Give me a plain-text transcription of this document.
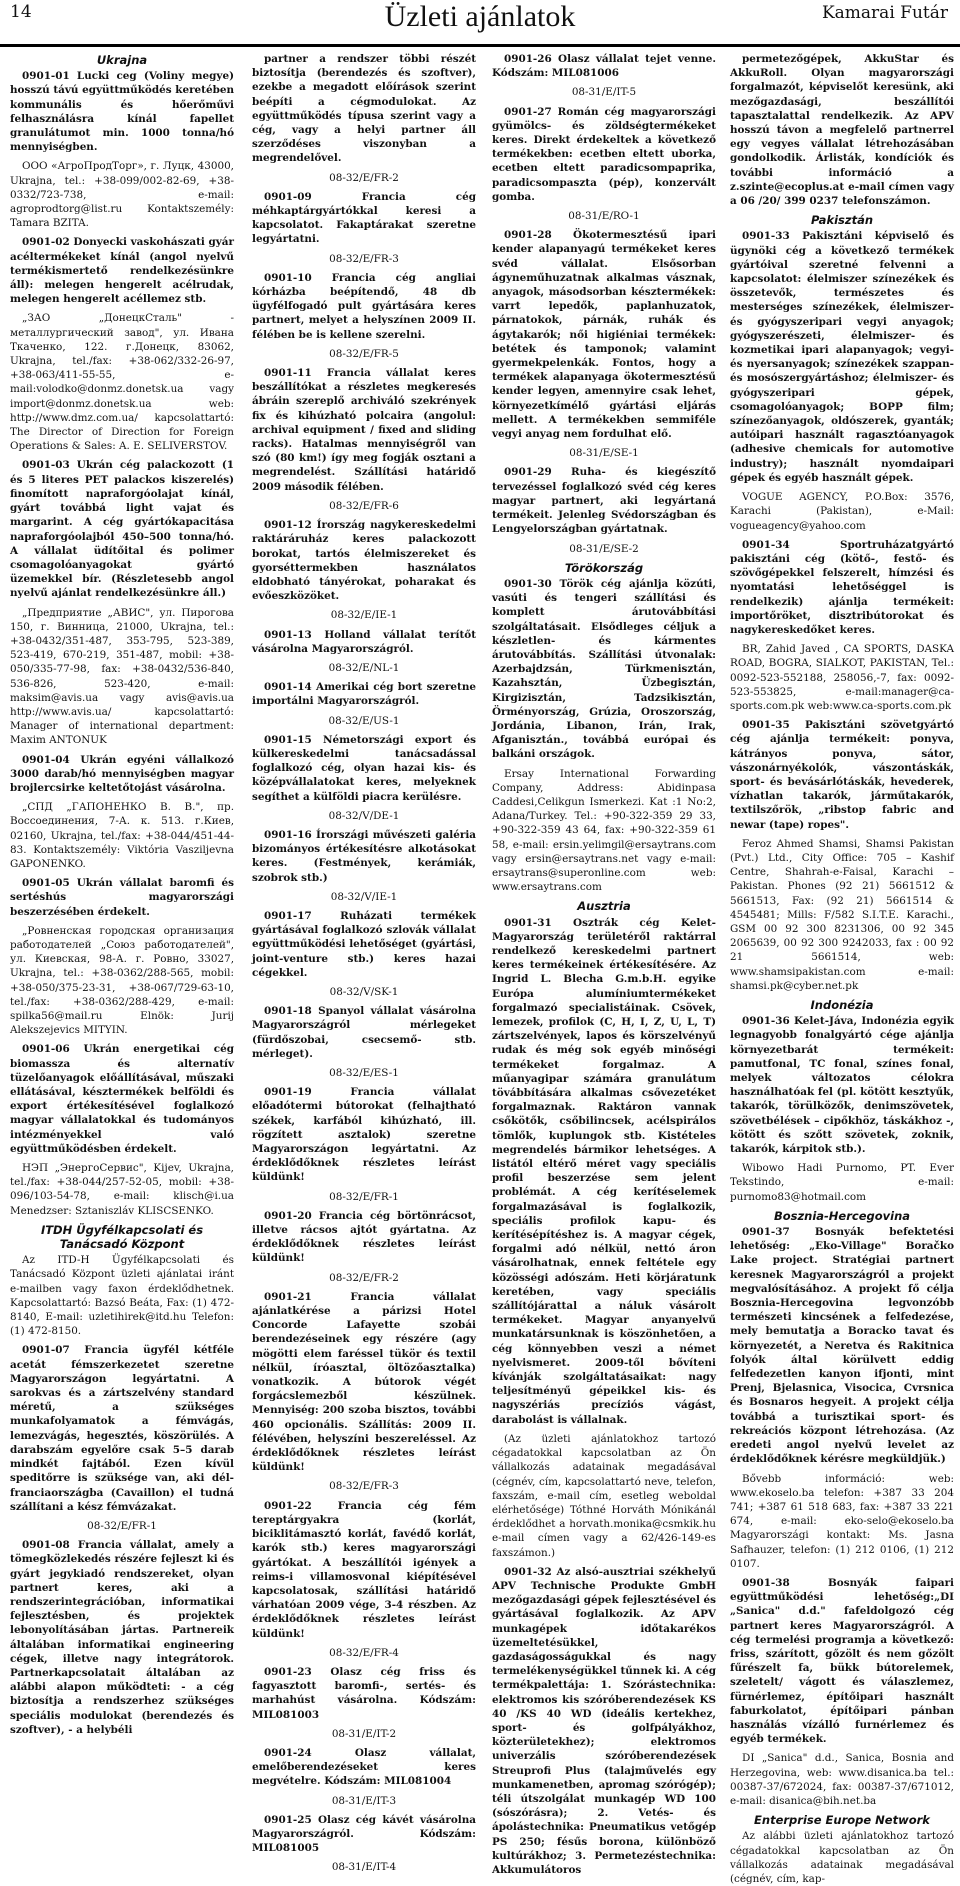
14	Üzleti ajánlatok	Kamarai Futár
Ukrajna
0901-01 Lucki ceg (Voliny megye) hosszú távú együttműködés keretében kommunális és hőerőművi felhasználásra kínál fapellet granulátumot min. 1000 tonna/hó mennyiségben.
ООО «АгроПродТорг», г. Луцк, 43000, Ukrajna, tel.: +38-099/002-82-69, +38-0332/723-738, e-mail: agroprodtorg@list.ru Kontaktszemély: Tamara BZITA.
0901-02 Donyecki vaskohászati gyár acéltermékeket kínál (angol nyelvű termékismertető rendelkezésünkre áll): melegen hengerelt acélrudak, melegen hengerelt acéllemez stb.
„ЗАО „ДонецкСталь" - металлургический завод", ул. Ивана Ткаченко, 122. г.Донецк, 83062, Ukrajna, tel./fax: +38-062/332-26-97, +38-063/411-55-55, e-mail:volodko@donmz.donetsk.ua vagy import@donmz.donetsk.ua web: http://www.dmz.com.ua/ kapcsolattartó: The Director of Direction for Foreign Operations & Sales: A. E. SELIVERSTOV.
0901-03 Ukrán cég palackozott (1 és 5 literes PET palackos kiszerelés) finomított napraforgóolajat kínál, gyárt továbbá light vajat és margarint. A cég gyártókapacitása napraforgóolajból 450–500 tonna/hó. A vállalat üdítőital és polimer csomagolóanyagokat gyártó üzemekkel bír. (Részletesebb angol nyelvű ajánlat rendelkezésünkre áll.)
„Предприятие „АВИС", ул. Пирогова 150, г. Винница, 21000, Ukrajna, tel.: +38-0432/351-487, 353-795, 523-389, 523-419, 670-219, 351-487, mobil: +38-050/335-77-98, fax: +38-0432/536-840, 536-826, 523-420, e-mail: maksim@avis.ua vagy avis@avis.ua http://www.avis.ua/ kapcsolattartó: Manager of international department: Maxim ANTONUK
0901-04 Ukrán egyéni vállalkozó 3000 darab/hó mennyiségben magyar brojlercsirke keltetőtojást vásárolna.
„СПД „ГАПОНЕНКО В. В.", пр. Воссоединения, 7-А. к. 513. г.Киев, 02160, Ukrajna, tel./fax: +38-044/451-44-83. Kontaktszemély: Viktória Vasziljevna GAPONENKO.
0901-05 Ukrán vállalat baromfi és sertéshús magyarországi beszerzésében érdekelt.
„Ровненская городская организация работодателей „Союз работодателей", ул. Киевская, 98-А. г. Ровно, 33027, Ukrajna, tel.: +38-0362/288-565, mobil: +38-050/375-23-31, +38-067/729-63-10, tel./fax: +38-0362/288-429, e-mail: spilka56@mail.ru Elnök: Jurij Alekszejevics MITYIN.
0901-06 Ukrán energetikai cég biomassza és alternatív tüzelőanyagok előállításával, műszaki ellátásával, késztermékek belföldi és export értékesítésével foglalkozó magyar vállalatokkal és tudományos intézményekkel való együttműködésben érdekelt.
НЭП „ЭнергоСервис", Kijev, Ukrajna, tel./fax: +38-044/257-52-05, mobil: +38-096/103-54-78, e-mail: klisch@i.ua Menedzser: Sztaniszláv KLISCSENKO.
ITDH Ügyfélkapcsolati és Tanácsadó Központ
Az ITD-H Ügyfélkapcsolati és Tanácsadó Központ üzleti ajánlatai iránt e-mailben vagy faxon érdeklődhetnek. Kapcsolattartó: Bazsó Beáta, Fax: (1) 472-8140, E-mail: uzletihirek@itd.hu Telefon: (1) 472-8150.
0901-07 Francia ügyfél kétféle acetát fémszerkezetet szeretne Magyarországon legyártatni. A sarokvas és a zártszelvény standard méretű, a szükséges munkafolyamatok a fémvágás, lemezvágás, hegesztés, köszörülés. A darabszám egyelőre csak 5–5 darab mindkét fajtából. Ezen kívül speditőrre is szüksége van, aki dél-franciaországba (Cavaillon) el tudná szállítani a kész fémvázakat.
08-32/E/FR-1
0901-08 Francia vállalat, amely a tömegközlekedés részére fejleszt ki és gyárt jegykiadó rendszereket, olyan partnert keres, aki a rendszerintegrációban, informatikai fejlesztésben, és projektek lebonyolításában jártas. Partnereik általában informatikai engineering cégek, illetve nagy integrátorok. Partnerkapcsolatait általában az alábbi alapon működteti: - a cég biztosítja a rendszerhez szükséges speciális modulokat (berendezés és szoftver), - a helybéli
partner a rendszer többi részét biztosítja (berendezés és szoftver), ezekbe a megadott előírások szerint beépíti a cégmodulokat. Az együttműködés típusa szerint vagy a cég, vagy a helyi partner áll szerződéses viszonyban a megrendelővel.
08-32/E/FR-2
0901-09 Francia cég méhkaptárgyártókkal keresi a kapcsolatot. Fakaptárakat szeretne legyártatni.
08-32/E/FR-3
0901-10 Francia cég angliai kórházba beépítendő, 48 db ügyfélfogadó pult gyártására keres partnert, melyet a helyszínen 2009 II. félében be is kellene szerelni.
08-32/E/FR-5
0901-11 Francia vállalat keres beszállítókat a részletes megkeresés ábráin szereplő archiváló szekrények fix és kihúzható polcaira (angolul: archival equipment / fixed and sliding racks). Hatalmas mennyiségről van szó (80 km!) így meg fogják osztani a megrendelést. Szállítási határidő 2009 második félében.
08-32/E/FR-6
0901-12 Írország nagykereskedelmi raktáráruház keres palackozott borokat, tartós élelmiszereket és gyorséttermekben használatos eldobható tányérokat, poharakat és evőeszközöket.
08-32/E/IE-1
0901-13 Holland vállalat terítőt vásárolna Magyarországról.
08-32/E/NL-1
0901-14 Amerikai cég bort szeretne importálni Magyarországról.
08-32/E/US-1
0901-15 Németországi export és külkereskedelmi tanácsadással foglalkozó cég, olyan hazai kis- és középvállalatokat keres, melyeknek segíthet a külföldi piacra kerülésre.
08-32/V/DE-1
0901-16 Írországi művészeti galéria bizományos értékesítésre alkotásokat keres. (Festmények, kerámiák, szobrok stb.)
08-32/V/IE-1
0901-17 Ruházati termékek gyártásával foglalkozó szlovák vállalat együttműködési lehetőséget (gyártási, joint-venture stb.) keres hazai cégekkel.
08-32/V/SK-1
0901-18 Spanyol vállalat vásárolna Magyarországról mérlegeket (fürdőszobai, csecsemő- stb. mérleget).
08-32/E/ES-1
0901-19 Francia vállalat előadótermi bútorokat (felhajtható székek, karfából kihúzható, ill. rögzített asztalok) szeretne Magyarországon legyártatni. Az érdeklődőknek részletes leírást küldünk!
08-32/E/FR-1
0901-20 Francia cég börtönrácsot, illetve rácsos ajtót gyártatna. Az érdeklődőknek részletes leírást küldünk!
08-32/E/FR-2
0901-21 Francia vállalat ajánlatkérése a párizsi Hotel Concorde Lafayette szobái berendezéseinek egy részére (agy mögötti elem faréssel tükör és textil nélkül, íróasztal, öltözőasztalka) vonatkozik. A bútorok végét forgácslemezből készülnek. Mennyiség: 200 szoba bisztos, további 460 opcionális. Szállítás: 2009 II. félévében, helyszíni beszereléssel. Az érdeklődőknek részletes leírást küldünk!
08-32/E/FR-3
0901-22 Francia cég fém tereptárgyakra (korlát, biciklitámasztó korlát, favédő korlát, karók stb.) keres magyarországi gyártókat. A beszállítói igények a reims-i villamosvonal kiépítésével kapcsolatosak, szállítási határidő várhatóan 2009 vége, 3-4 részben. Az érdeklődőknek részletes leírást küldünk!
08-32/E/FR-4
0901-23 Olasz cég friss és fagyasztott baromfi-, sertés- és marhahúst vásárolna. Kódszám: MIL081003
08-31/E/IT-2
0901-24 Olasz vállalat, emelőberendezéseket keres megvételre. Kódszám: MIL081004
08-31/E/IT-3
0901-25 Olasz cég kávét vásárolna Magyarországról. Kódszám: MIL081005
08-31/E/IT-4
0901-26 Olasz vállalat tejet venne. Kódszám: MIL081006
08-31/E/IT-5
0901-27 Román cég magyarországi gyümölcs- és zöldségtermékeket keres. Direkt érdekeltek a következő termékekben: ecetben eltett uborka, ecetben eltett paradicsompaprika, paradicsompaszta (pép), konzervált gomba.
08-31/E/RO-1
0901-28 Ökotermesztésű ipari kender alapanyagú termékeket keres svéd vállalat. Elsősorban ágyneműhuzatnak alkalmas vásznak, anyagok, másodsorban késztermékek: varrt lepedők, paplanhuzatok, párnatokok, párnák, ruhák és ágytakarók; női higiéniai termékek: betétek és tamponok; valamint gyermekpelenkák. Fontos, hogy a termékek alapanyaga ökotermesztésű kender legyen, amennyire csak lehet, környezetkímélő gyártási eljárás mellett. A termékekben semmiféle vegyi anyag nem fordulhat elő.
08-31/E/SE-1
0901-29 Ruha- és kiegészítő tervezéssel foglalkozó svéd cég keres magyar partnert, aki legyártaná termékeit. Jelenleg Svédországban és Lengyelországban gyártatnak.
08-31/E/SE-2
Törökország
0901-30 Török cég ajánlja közúti, vasúti és tengeri szállítási és komplett árutovábbítási szolgáltatásait. Elsődleges céljuk a készletlen- és kármentes árutovábbítás. Szállítási útvonalak: Azerbajdzsán, Türkmenisztán, Kazahsztán, Üzbegisztán, Kirgizisztán, Tadzsikisztán, Örményország, Grúzia, Oroszország, Jordánia, Libanon, Irán, Irak, Afganisztán., továbbá európai és balkáni országok.
Ersay International Forwarding Company, Address: Abidinpasa Caddesi,Celikgun Ismerkezi. Kat :1 No:2, Adana/Turkey. Tel.: +90-322-359 29 33, +90-322-359 43 64, fax: +90-322-359 61 58, e-mail: ersin.yelimgil@ersaytrans.com vagy ersin@ersaytrans.net vagy e-mail: ersaytrans@superonline.com web: www.ersaytrans.com
Ausztria
0901-31 Osztrák cég Kelet-Magyarország területéről raktárral rendelkező kereskedelmi partnert keres termékeinek értékesítésére. Az Ingrid L. Blecha G.m.b.H. egyike Európa alumíniumtermékeket forgalmazó specialistáinak. Csövek, lemezek, profilok (C, H, I, Z, U, L, T) zártszelvények, lapos és körszelvényű rudak és még sok egyéb minőségi termékeket forgalmaz. A műanyagipar számára granulátum tövábbítására alkalmas csővezetéket forgalmaznak. Raktáron vannak csőkötők, csőbilincsek, acélspirálos tömlők, kuplungok stb. Kistételes megrendelés bármikor lehetséges. A listától eltérő méret vagy speciális profil beszerzése sem jelent problémát. A cég kerítéselemek forgalmazásával is foglalkozik, speciális profilok kapu- és kerítésépítéshez is. A magyar cégek, forgalmi adó nélkül, nettó áron vásárolhatnak, ennek feltétele egy közösségi adószám. Heti körjáratunk keretében, vagy speciális szállítójárattal a náluk vásárolt termékeket. Magyar anyanyelvű munkatársunknak is köszönhetően, a cég könnyebben veszi a német nyelvismeret. 2009-től bővíteni kívánják szolgáltatásaikat: nagy teljesítményű gépeikkel kis- és nagyszériás precíziós vágást, darabolást is vállalnak.
(Az üzleti ajánlatokhoz tartozó cégadatokkal kapcsolatban az Ön vállalkozás adatainak megadásával (cégnév, cím, kapcsolattartó neve, telefon, faxszám, e-mail cím, esetleg weboldal elérhetősége) Tóthné Horváth Mónikánál érdeklődhet a horvath.monika@csmkik.hu e-mail címen vagy a 62/426-149-es faxszámon.)
0901-32 Az alsó-ausztriai székhelyű APV Technische Produkte GmbH mezőgazdasági gépek fejlesztésével és gyártásával foglalkozik. Az APV munkagépek időtakarékos üzemeltetésükkel, gazdaságosságukkal és nagy termelékenységükkel tűnnek ki. A cég termékpalettája: 1. Szórástechnika: elektromos kis szóróberendezések KS 40 /KS 40 WD (ideális kertekhez, sport- és golfpályákhoz, közterületekhez); elektromos univerzális szóróberendezések Streuprofi Plus (talajművelés egy munkamenetben, apromag szórógép); téli útszolgálat munkagép WD 100 (sószórásra); 2. Vetés- és ápolástechnika: Pneumatikus vetőgép PS 250; fésűs borona, különböző kultúrákhoz; 3. Permetezéstechnika: Akkumulátoros
permetezőgépek, AkkuStar és AkkuRoll. Olyan magyarországi forgalmazót, képviselőt keresünk, aki mezőgazdasági, beszállítói tapasztalattal rendelkezik. Az APV hosszú távon a megfelelő partnerrel egy vegyes vállalat létrehozásában gondolkodik. Árlisták, kondíciók és további információ a z.szinte@ecoplus.at e-mail címen vagy a 06 /20/ 399 0237 telefonszámon.
Pakisztán
0901-33 Pakisztáni képviselő és ügynöki cég a következő termékek gyártóival szeretné felvenni a kapcsolatot: élelmiszer színezékek és összetevők, természetes és mesterséges színezékek, élelmiszer- és gyógyszeripari vegyi anyagok; gyógyszerészeti, élelmiszer- és kozmetikai ipari alapanyagok; vegyi- és nyersanyagok; színezékek szappan- és mosószergyártáshoz; élelmiszer- és gyógyszeripari gépek, csomagolóanyagok; BOPP film; színezőanyagok, oldószerek, gyanták; autóipari használt ragasztóanyagok (adhesive chemicals for automotive industry); használt nyomdaipari gépek és egyéb használt gépek.
VOGUE AGENCY, P.O.Box: 3576, Karachi (Pakistan), e-Mail: vogueagency@yahoo.com
0901-34 Sportruházatgyártó pakisztáni cég (kötő-, festő- és szövőgépekkel felszerelt, hímzési és nyomtatási lehetőséggel is rendelkezik) ajánlja termékeit: importőröket, disztribútorokat és nagykereskedőket keres.
BR, Zahid Javed , CA SPORTS, DASKA ROAD, BOGRA, SIALKOT, PAKISTAN, Tel.: 0092-523-552188, 258056,-7, fax: 0092-523-553825, e-mail:manager@ca-sports.com.pk web:www.ca-sports.com.pk
0901-35 Pakisztáni szövetgyártó cég ajánlja termékeit: ponyva, kátrányos ponyva, sátor, vászonárnyékolók, vászontáskák, sport- és bevásárlótáskák, hevederek, vízhatlan takarók, járműtakarók, textilszőrök, „ribstop fabric and newar (tape) ropes".
Feroz Ahmed Shamsi, Shamsi Pakistan (Pvt.) Ltd., City Office: 705 – Kashif Centre, Shahrah-e-Faisal, Karachi – Pakistan. Phones (92 21) 5661512 & 5661513, Fax: (92 21) 5661514 & 4545481; Mills: F/582 S.I.T.E. Karachi., GSM 00 92 300 8231306, 00 92 345 2065639, 00 92 300 9242033, fax : 00 92 21 5661514, web: www.shamsipakistan.com e-mail: shamsi.pk@cyber.net.pk
Indonézia
0901-36 Kelet-Jáva, Indonézia egyik legnagyobb fonalgyártó cége ajánlja környezetbarát termékeit: pamutfonal, TC fonal, színes fonal, melyek változatos célokra használhatóak fel (pl. kötött kesztyűk, takarók, törülközők, denimszövetek, szövetbélések – cipőkhöz, táskákhoz -, kötött és szőtt szövetek, zoknik, takarók, kárpitok stb.).
Wibowo Hadi Purnomo, PT. Ever Tekstindo, e-mail: purnomo83@hotmail.com
Bosznia-Hercegovina
0901-37 Bosnyák befektetési lehetőség: „Eko-Village" Boračko Lake project. Stratégiai partnert keresnek Magyarországról a projekt megvalósításához. A projekt fő célja Bosznia-Hercegovina legvonzóbb természeti kincsének a felfedezése, mely bemutatja a Boracko tavat és környezetét, a Neretva és Rakitnica folyók által körülvett eddig felfedezetlen kanyon ifjonti, mint Prenj, Bjelasnica, Visocica, Cvrsnica és Bosnaros hegyeit. A projekt célja továbbá a turisztikai sport- és rekreációs központ létrehozása. (Az eredeti angol nyelvű levelet az érdeklődőknek kérésre megküldjük.)
Bővebb információ: web: www.ekoselo.ba telefon: +387 33 204 741; +387 61 518 683, fax: +387 33 221 674, e-mail: eko-selo@ekoselo.ba Magyarországi kontakt: Ms. Jasna Safhauzer, telefon: (1) 212 0106, (1) 212 0107.
0901-38 Bosnyák faipari együttműködési lehetőség:„DI „Sanica" d.d." fafeldolgozó cég partnert keres Magyarországról. A cég termelési programja a következő: friss, szárított, gőzölt és nem gőzölt fűrészelt fa, bükk bútorelemek, szeletelt/ vágott és válaszlemez, fürnérlemez, építőipari használt faburkolatot, építőipari pánban használás vízálló furnérlemez és egyéb termékek.
DI „Sanica" d.d., Sanica, Bosnia and Herzegovina, web: www.disanica.ba tel.: 00387-37/672024, fax: 00387-37/671012, e-mail: disanica@bih.net.ba
Enterprise Europe Network
Az alábbi üzleti ajánlatokhoz tartozó cégadatokkal kapcsolatban az Ön vállalkozás adatainak megadásával (cégnév, cím, kap-
